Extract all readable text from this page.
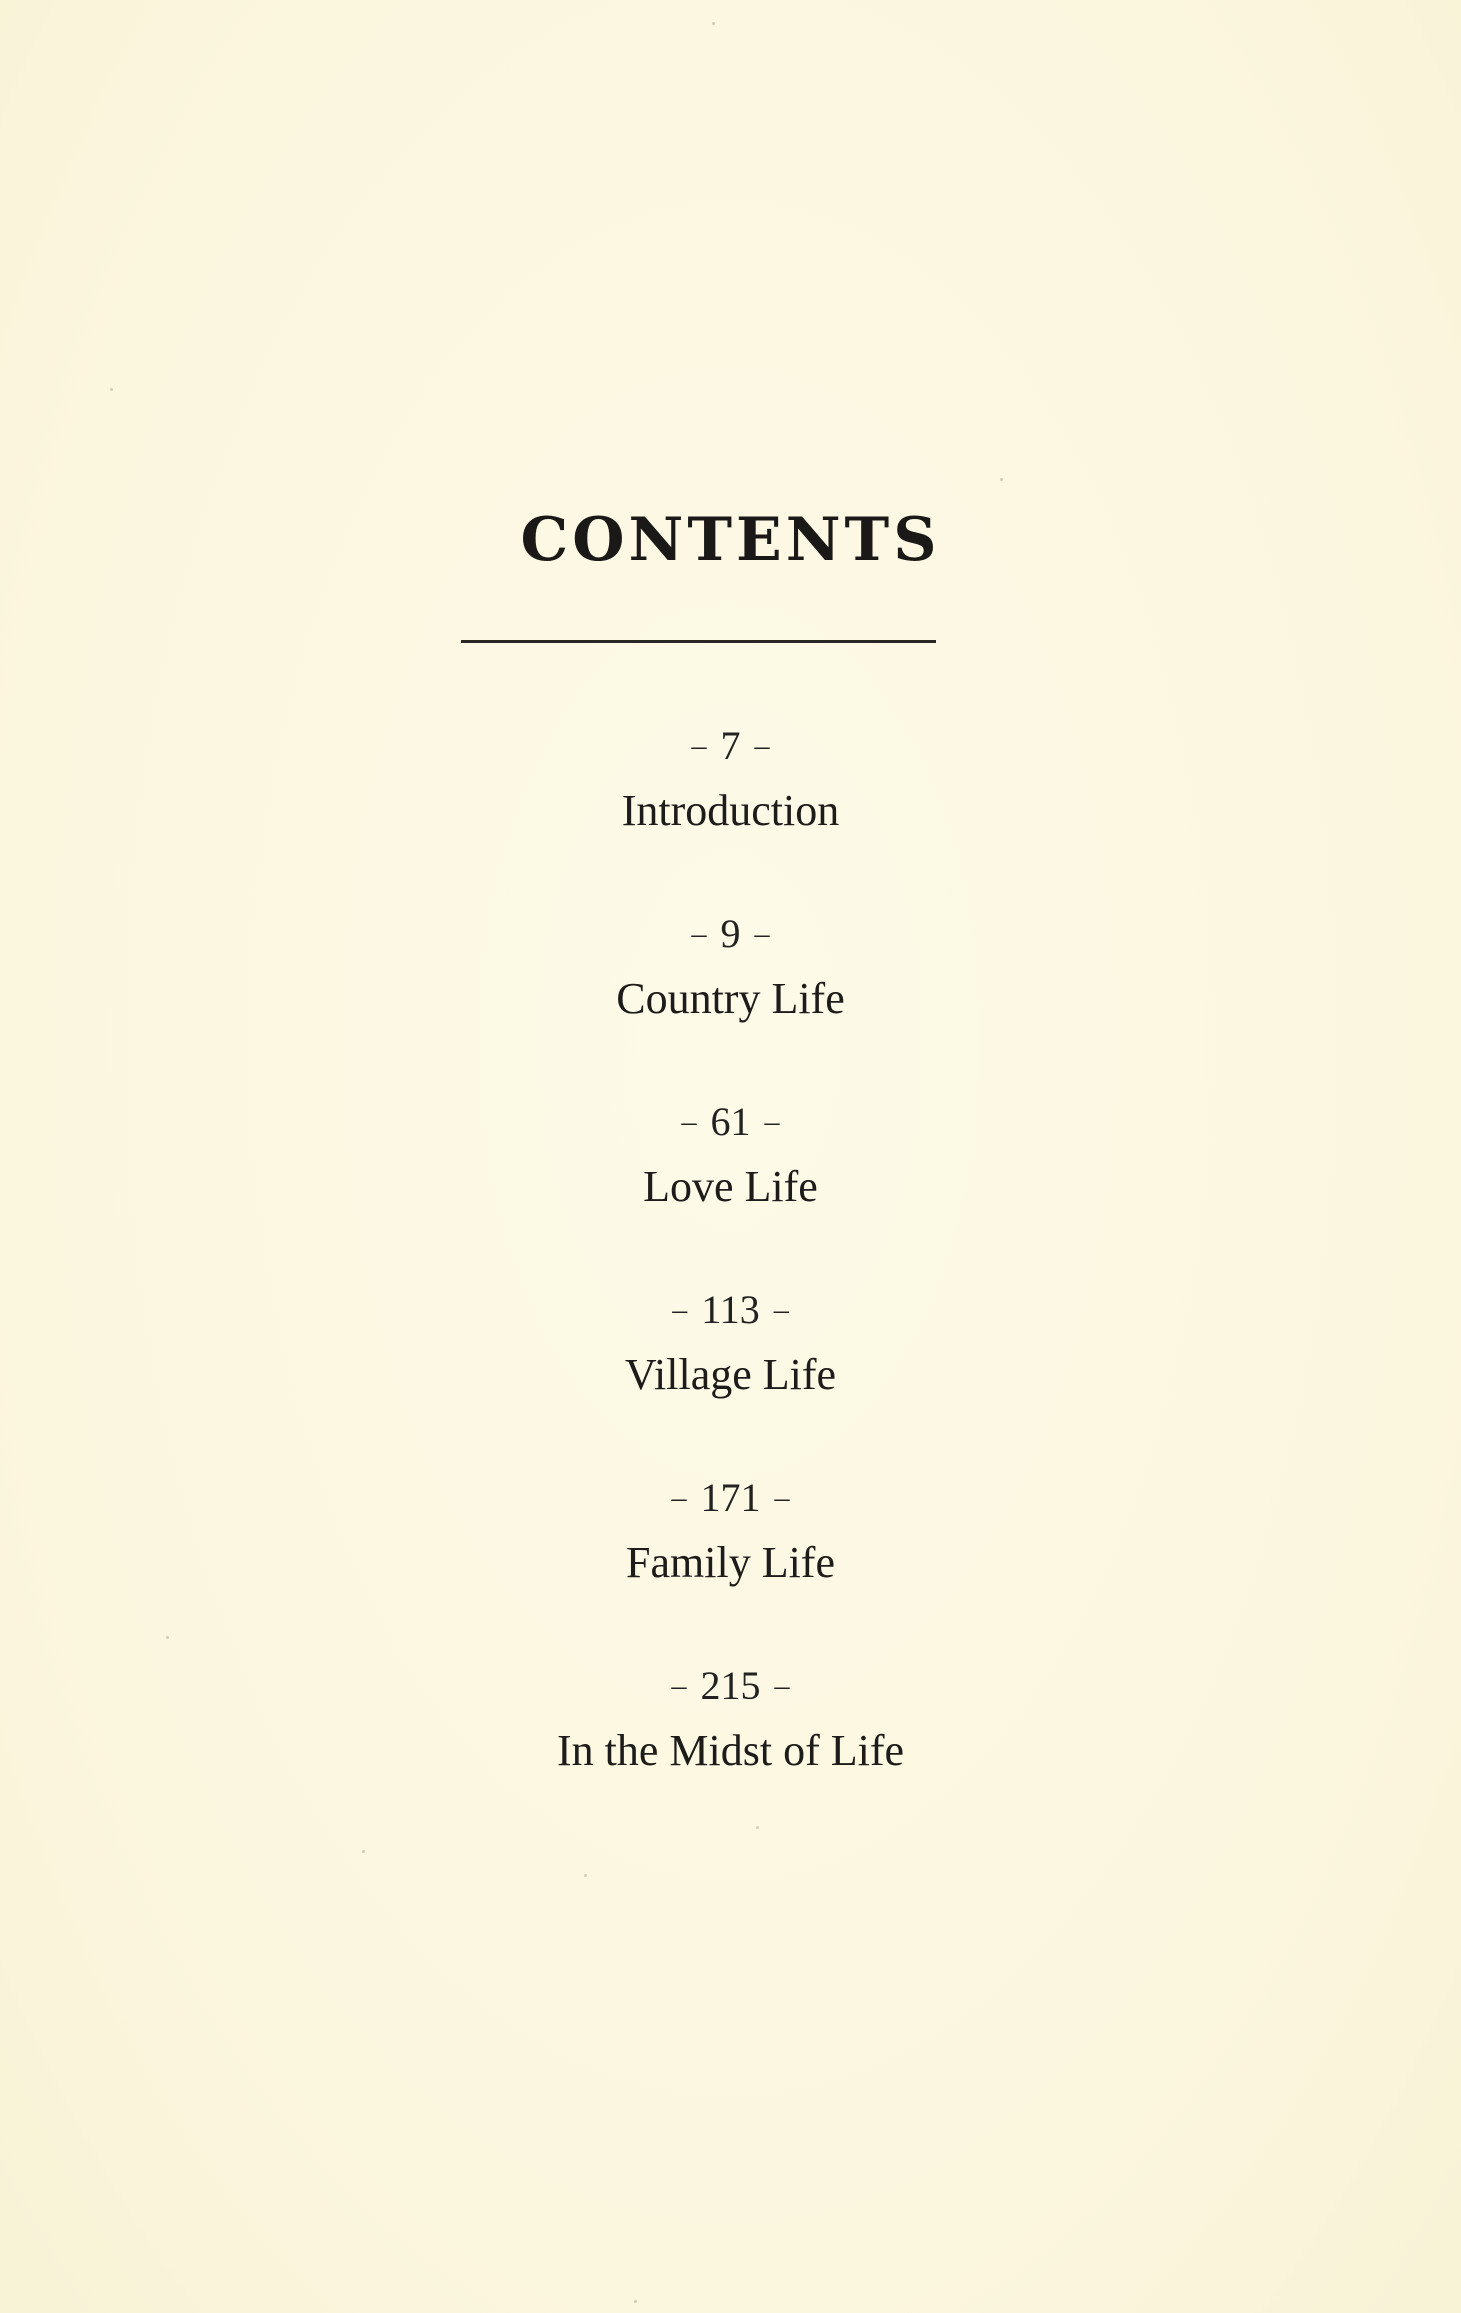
CONTENTS
– 7 –
Introduction
– 9 –
Country Life
– 61 –
Love Life
– 113 –
Village Life
– 171 –
Family Life
– 215 –
In the Midst of Life
